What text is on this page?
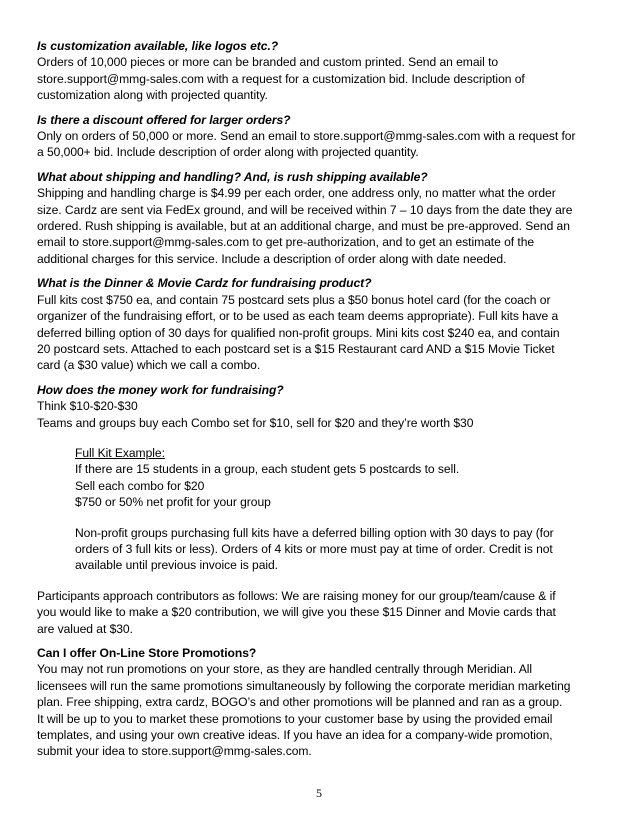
Is customization available, like logos etc.?
Orders of 10,000 pieces or more can be branded and custom printed. Send an email to
store.support@mmg-sales.com with a request for a customization bid. Include description of
customization along with projected quantity.
Is there a discount offered for larger orders?
Only on orders of 50,000 or more. Send an email to store.support@mmg-sales.com with a request for
a 50,000+ bid. Include description of order along with projected quantity.
What about shipping and handling? And, is rush shipping available?
Shipping and handling charge is $4.99 per each order, one address only, no matter what the order
size. Cardz are sent via FedEx ground, and will be received within 7 – 10 days from the date they are
ordered. Rush shipping is available, but at an additional charge, and must be pre-approved. Send an
email to store.support@mmg-sales.com to get pre-authorization, and to get an estimate of the
additional charges for this service. Include a description of order along with date needed.
What is the Dinner & Movie Cardz for fundraising product?
Full kits cost $750 ea, and contain 75 postcard sets plus a $50 bonus hotel card (for the coach or
organizer of the fundraising effort, or to be used as each team deems appropriate). Full kits have a
deferred billing option of 30 days for qualified non-profit groups. Mini kits cost $240 ea, and contain
20 postcard sets. Attached to each postcard set is a $15 Restaurant card AND a $15 Movie Ticket
card (a $30 value) which we call a combo.
How does the money work for fundraising?
Think $10-$20-$30
Teams and groups buy each Combo set for $10, sell for $20 and they’re worth $30
Full Kit Example:
If there are 15 students in a group, each student gets 5 postcards to sell.
Sell each combo for $20
$750 or 50% net profit for your group
Non-profit groups purchasing full kits have a deferred billing option with 30 days to pay (for
orders of 3 full kits or less). Orders of 4 kits or more must pay at time of order. Credit is not
available until previous invoice is paid.
Participants approach contributors as follows: We are raising money for our group/team/cause & if
you would like to make a $20 contribution, we will give you these $15 Dinner and Movie cards that
are valued at $30.
Can I offer On-Line Store Promotions?
You may not run promotions on your store, as they are handled centrally through Meridian. All
licensees will run the same promotions simultaneously by following the corporate meridian marketing
plan. Free shipping, extra cardz, BOGO’s and other promotions will be planned and ran as a group.
It will be up to you to market these promotions to your customer base by using the provided email
templates, and using your own creative ideas. If you have an idea for a company-wide promotion,
submit your idea to store.support@mmg-sales.com.
5
